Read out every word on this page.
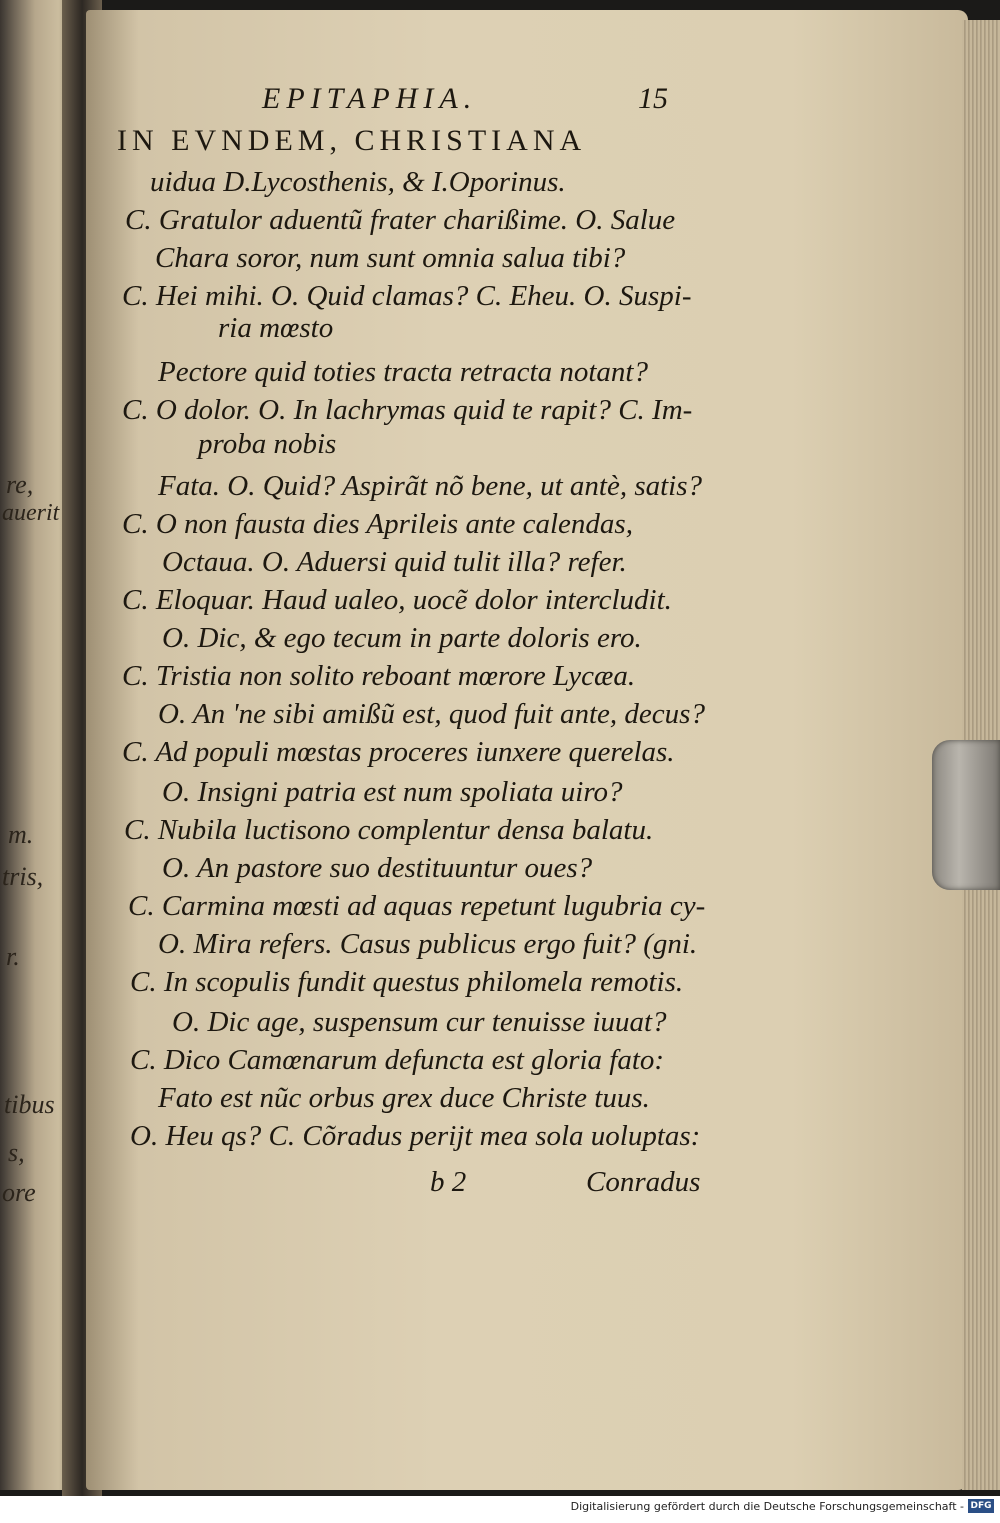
re,
auerit
m.
tris,
r.
tibus
s,
ore
EPITAPHIA.	15
IN EVNDEM, CHRISTIANA
uidua D.Lycosthenis, & I.Oporinus.
C. Gratulor aduentũ frater charißime. O. Salue
Chara soror, num sunt omnia salua tibi?
C. Hei mihi. O. Quid clamas? C. Eheu. O. Suspi-
ria mœsto
Pectore quid toties tracta retracta notant?
C. O dolor. O. In lachrymas quid te rapit? C. Im-
proba nobis
Fata. O. Quid? Aspirãt nõ bene, ut antè, satis?
C. O non fausta dies Aprileis ante calendas,
Octaua. O. Aduersi quid tulit illa? refer.
C. Eloquar. Haud ualeo, uocẽ dolor intercludit.
O. Dic, & ego tecum in parte doloris ero.
C. Tristia non solito reboant mœrore Lycæa.
O. An 'ne sibi amißũ est, quod fuit ante, decus?
C. Ad populi mœstas proceres iunxere querelas.
O. Insigni patria est num spoliata uiro?
C. Nubila luctisono complentur densa balatu.
O. An pastore suo destituuntur oues?
C. Carmina mœsti ad aquas repetunt lugubria cy-
O. Mira refers. Casus publicus ergo fuit? (gni.
C. In scopulis fundit questus philomela remotis.
O. Dic age, suspensum cur tenuisse iuuat?
C. Dico Camœnarum defuncta est gloria fato:
Fato est nũc orbus grex duce Christe tuus.
O. Heu qs? C. Cõradus perijt mea sola uoluptas:
b 2	Conradus
Digitalisierung gefördert durch die Deutsche Forschungsgemeinschaft - DFG
